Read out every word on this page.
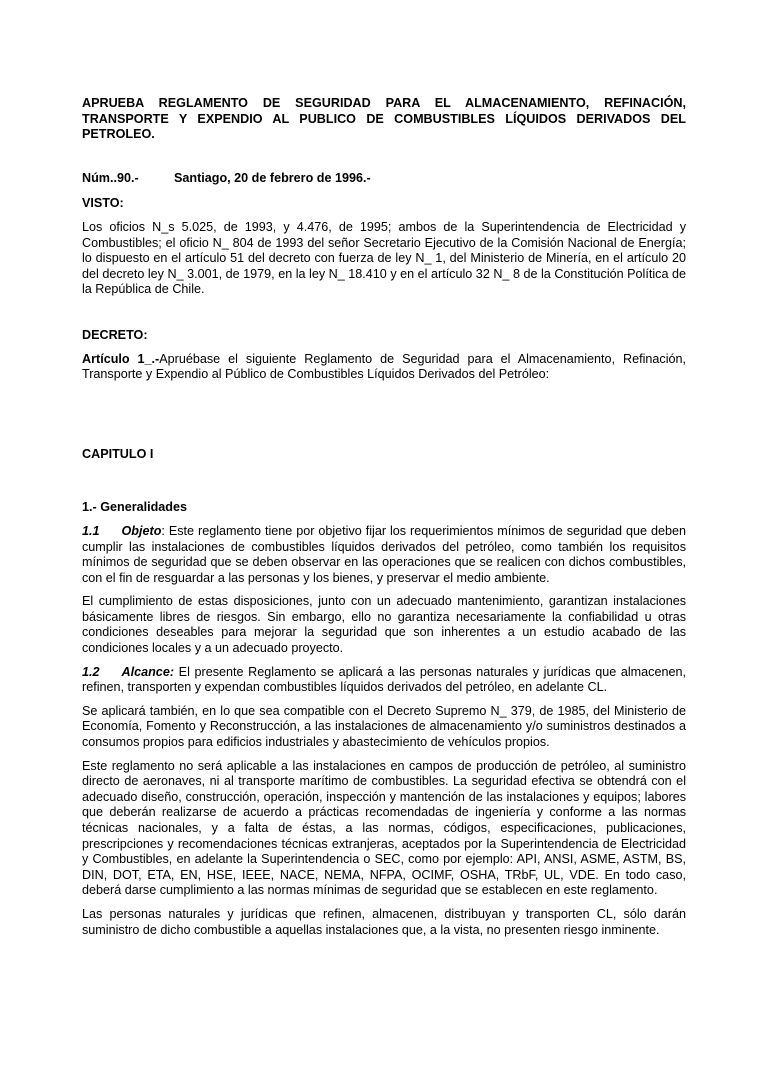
APRUEBA REGLAMENTO DE SEGURIDAD PARA EL ALMACENAMIENTO, REFINACIÓN, TRANSPORTE Y EXPENDIO AL PUBLICO DE COMBUSTIBLES LÍQUIDOS DERIVADOS DEL PETROLEO.

Núm..90.-	Santiago, 20 de febrero de 1996.-

VISTO:

Los oficios N_s 5.025, de 1993, y 4.476, de 1995; ambos de la Superintendencia de Electricidad y Combustibles; el oficio N_ 804 de 1993 del señor Secretario Ejecutivo de la Comisión Nacional de Energía; lo dispuesto en el artículo 51 del decreto con fuerza de ley N_ 1, del Ministerio de Minería, en el artículo 20 del decreto ley N_ 3.001, de 1979, en la ley N_ 18.410 y en el artículo 32 N_ 8 de la Constitución Política de la República de Chile.

DECRETO:

Artículo 1_.-Apruébase el siguiente Reglamento de Seguridad para el Almacenamiento, Refinación, Transporte y Expendio al Público de Combustibles Líquidos Derivados del Petróleo:

CAPITULO I

1.- Generalidades

1.1 Objeto: Este reglamento tiene por objetivo fijar los requerimientos mínimos de seguridad que deben cumplir las instalaciones de combustibles líquidos derivados del petróleo, como también los requisitos mínimos de seguridad que se deben observar en las operaciones que se realicen con dichos combustibles, con el fin de resguardar a las personas y los bienes, y preservar el medio ambiente.

El cumplimiento de estas disposiciones, junto con un adecuado mantenimiento, garantizan instalaciones básicamente libres de riesgos. Sin embargo, ello no garantiza necesariamente la confiabilidad u otras condiciones deseables para mejorar la seguridad que son inherentes a un estudio acabado de las condiciones locales y a un adecuado proyecto.

1.2 Alcance: El presente Reglamento se aplicará a las personas naturales y jurídicas que almacenen, refinen, transporten y expendan combustibles líquidos derivados del petróleo, en adelante CL.

Se aplicará también, en lo que sea compatible con el Decreto Supremo N_ 379, de 1985, del Ministerio de Economía, Fomento y Reconstrucción, a las instalaciones de almacenamiento y/o suministros destinados a consumos propios para edificios industriales y abastecimiento de vehículos propios.

Este reglamento no será aplicable a las instalaciones en campos de producción de petróleo, al suministro directo de aeronaves, ni al transporte marítimo de combustibles. La seguridad efectiva se obtendrá con el adecuado diseño, construcción, operación, inspección y mantención de las instalaciones y equipos; labores que deberán realizarse de acuerdo a prácticas recomendadas de ingeniería y conforme a las normas técnicas nacionales, y a falta de éstas, a las normas, códigos, especificaciones, publicaciones, prescripciones y recomendaciones técnicas extranjeras, aceptados por la Superintendencia de Electricidad y Combustibles, en adelante la Superintendencia o SEC, como por ejemplo: API, ANSI, ASME, ASTM, BS, DIN, DOT, ETA, EN, HSE, IEEE, NACE, NEMA, NFPA, OCIMF, OSHA, TRbF, UL, VDE. En todo caso, deberá darse cumplimiento a las normas mínimas de seguridad que se establecen en este reglamento.

Las personas naturales y jurídicas que refinen, almacenen, distribuyan y transporten CL, sólo darán suministro de dicho combustible a aquellas instalaciones que, a la vista, no presenten riesgo inminente.
